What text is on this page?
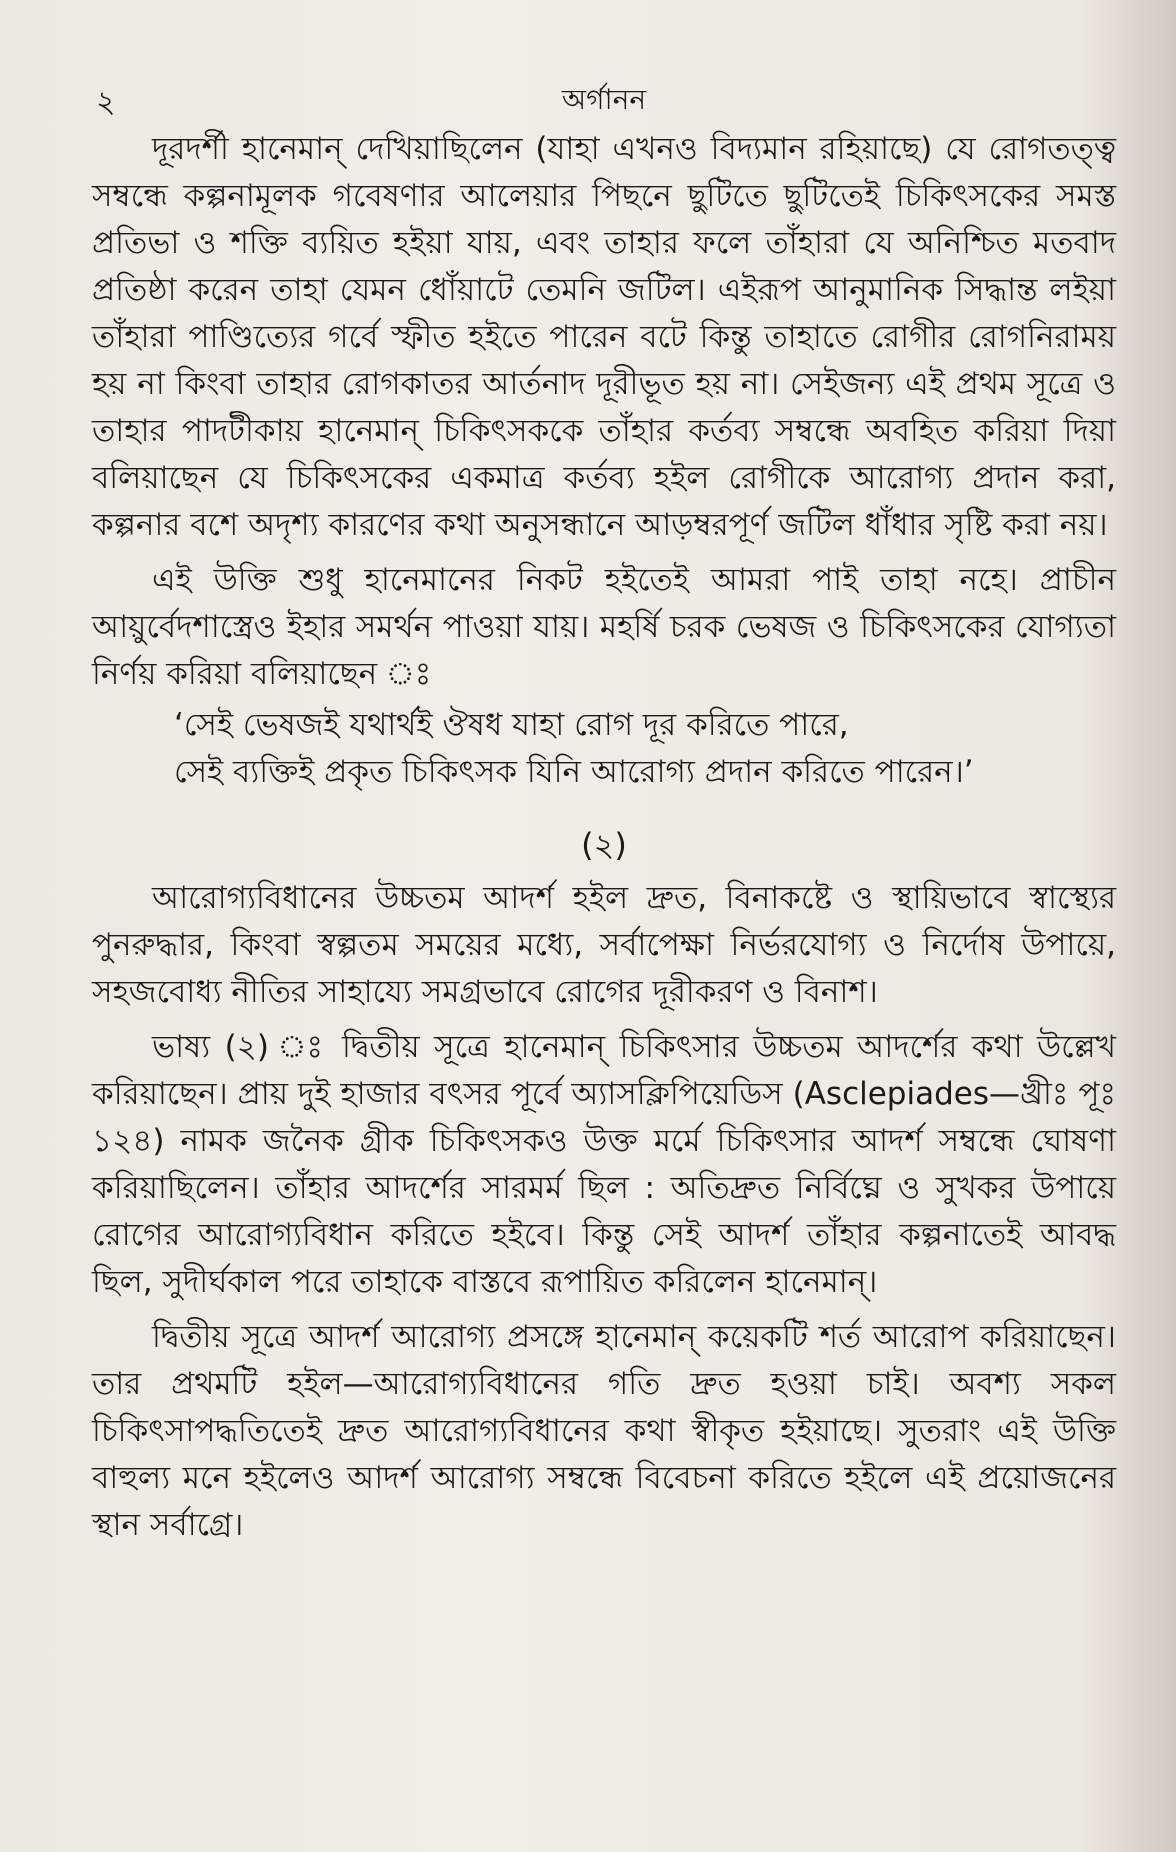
২	অর্গানন

দূরদর্শী হানেমান্ দেখিয়াছিলেন (যাহা এখনও বিদ্যমান রহিয়াছে) যে রোগতত্ত্ব সম্বন্ধে কল্পনামূলক গবেষণার আলেয়ার পিছনে ছুটিতে ছুটিতেই চিকিৎসকের সমস্ত প্রতিভা ও শক্তি ব্যয়িত হইয়া যায়, এবং তাহার ফলে তাঁহারা যে অনিশ্চিত মতবাদ প্রতিষ্ঠা করেন তাহা যেমন ধোঁয়াটে তেমনি জটিল। এইরূপ আনুমানিক সিদ্ধান্ত লইয়া তাঁহারা পাণ্ডিত্যের গর্বে স্ফীত হইতে পারেন বটে কিন্তু তাহাতে রোগীর রোগনিরাময় হয় না কিংবা তাহার রোগকাতর আর্তনাদ দূরীভূত হয় না। সেইজন্য এই প্রথম সূত্রে ও তাহার পাদটীকায় হানেমান্ চিকিৎসককে তাঁহার কর্তব্য সম্বন্ধে অবহিত করিয়া দিয়া বলিয়াছেন যে চিকিৎসকের একমাত্র কর্তব্য হইল রোগীকে আরোগ্য প্রদান করা, কল্পনার বশে অদৃশ্য কারণের কথা অনুসন্ধানে আড়ম্বরপূর্ণ জটিল ধাঁধার সৃষ্টি করা নয়।

এই উক্তি শুধু হানেমানের নিকট হইতেই আমরা পাই তাহা নহে। প্রাচীন আয়ুর্বেদশাস্ত্রেও ইহার সমর্থন পাওয়া যায়। মহর্ষি চরক ভেষজ ও চিকিৎসকের যোগ্যতা নির্ণয় করিয়া বলিয়াছেন ঃ

‘সেই ভেষজই যথার্থই ঔষধ যাহা রোগ দূর করিতে পারে,
সেই ব্যক্তিই প্রকৃত চিকিৎসক যিনি আরোগ্য প্রদান করিতে পারেন।’
(২)

আরোগ্যবিধানের উচ্চতম আদর্শ হইল দ্রুত, বিনাকষ্টে ও স্থায়িভাবে স্বাস্থ্যের পুনরুদ্ধার, কিংবা স্বল্পতম সময়ের মধ্যে, সর্বাপেক্ষা নির্ভরযোগ্য ও নির্দোষ উপায়ে, সহজবোধ্য নীতির সাহায্যে সমগ্রভাবে রোগের দূরীকরণ ও বিনাশ।

ভাষ্য (২) ঃ দ্বিতীয় সূত্রে হানেমান্ চিকিৎসার উচ্চতম আদর্শের কথা উল্লেখ করিয়াছেন। প্রায় দুই হাজার বৎসর পূর্বে অ্যাসক্লিপিয়েডিস (Asclepiades—খ্রীঃ পূঃ ১২৪) নামক জনৈক গ্রীক চিকিৎসকও উক্ত মর্মে চিকিৎসার আদর্শ সম্বন্ধে ঘোষণা করিয়াছিলেন। তাঁহার আদর্শের সারমর্ম ছিল : অতিদ্রুত নির্বিঘ্নে ও সুখকর উপায়ে রোগের আরোগ্যবিধান করিতে হইবে। কিন্তু সেই আদর্শ তাঁহার কল্পনাতেই আবদ্ধ ছিল, সুদীর্ঘকাল পরে তাহাকে বাস্তবে রূপায়িত করিলেন হানেমান্।

দ্বিতীয় সূত্রে আদর্শ আরোগ্য প্রসঙ্গে হানেমান্ কয়েকটি শর্ত আরোপ করিয়াছেন। তার প্রথমটি হইল—আরোগ্যবিধানের গতি দ্রুত হওয়া চাই। অবশ্য সকল চিকিৎসাপদ্ধতিতেই দ্রুত আরোগ্যবিধানের কথা স্বীকৃত হইয়াছে। সুতরাং এই উক্তি বাহুল্য মনে হইলেও আদর্শ আরোগ্য সম্বন্ধে বিবেচনা করিতে হইলে এই প্রয়োজনের স্থান সর্বাগ্রে।
